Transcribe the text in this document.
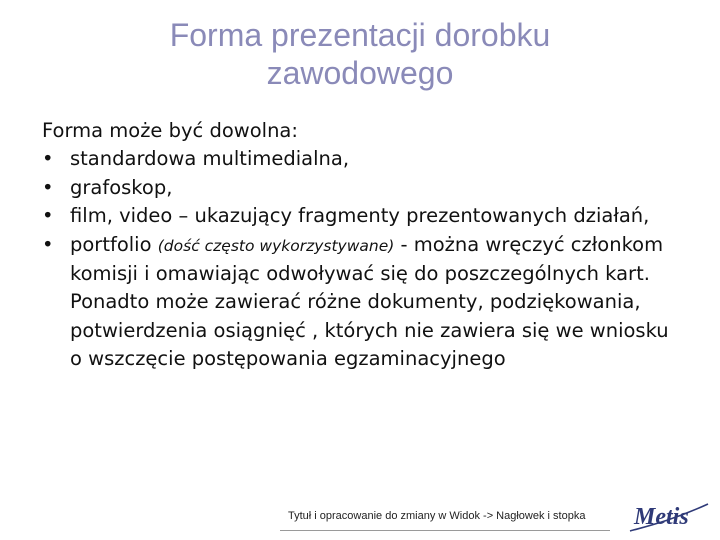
Forma prezentacji dorobku
zawodowego

Forma może być dowolna:

• standardowa multimedialna,
• grafoskop,
• film, video – ukazujący fragmenty prezentowanych działań,
• portfolio (dość często wykorzystywane) - można wręczyć członkom komisji i omawiając odwoływać się do poszczególnych kart. Ponadto może zawierać różne dokumenty, podziękowania, potwierdzenia osiągnięć , których nie zawiera się we wniosku o wszczęcie postępowania egzaminacyjnego
Tytuł i opracowanie do zmiany w Widok -> Nagłowek i stopka Metis
